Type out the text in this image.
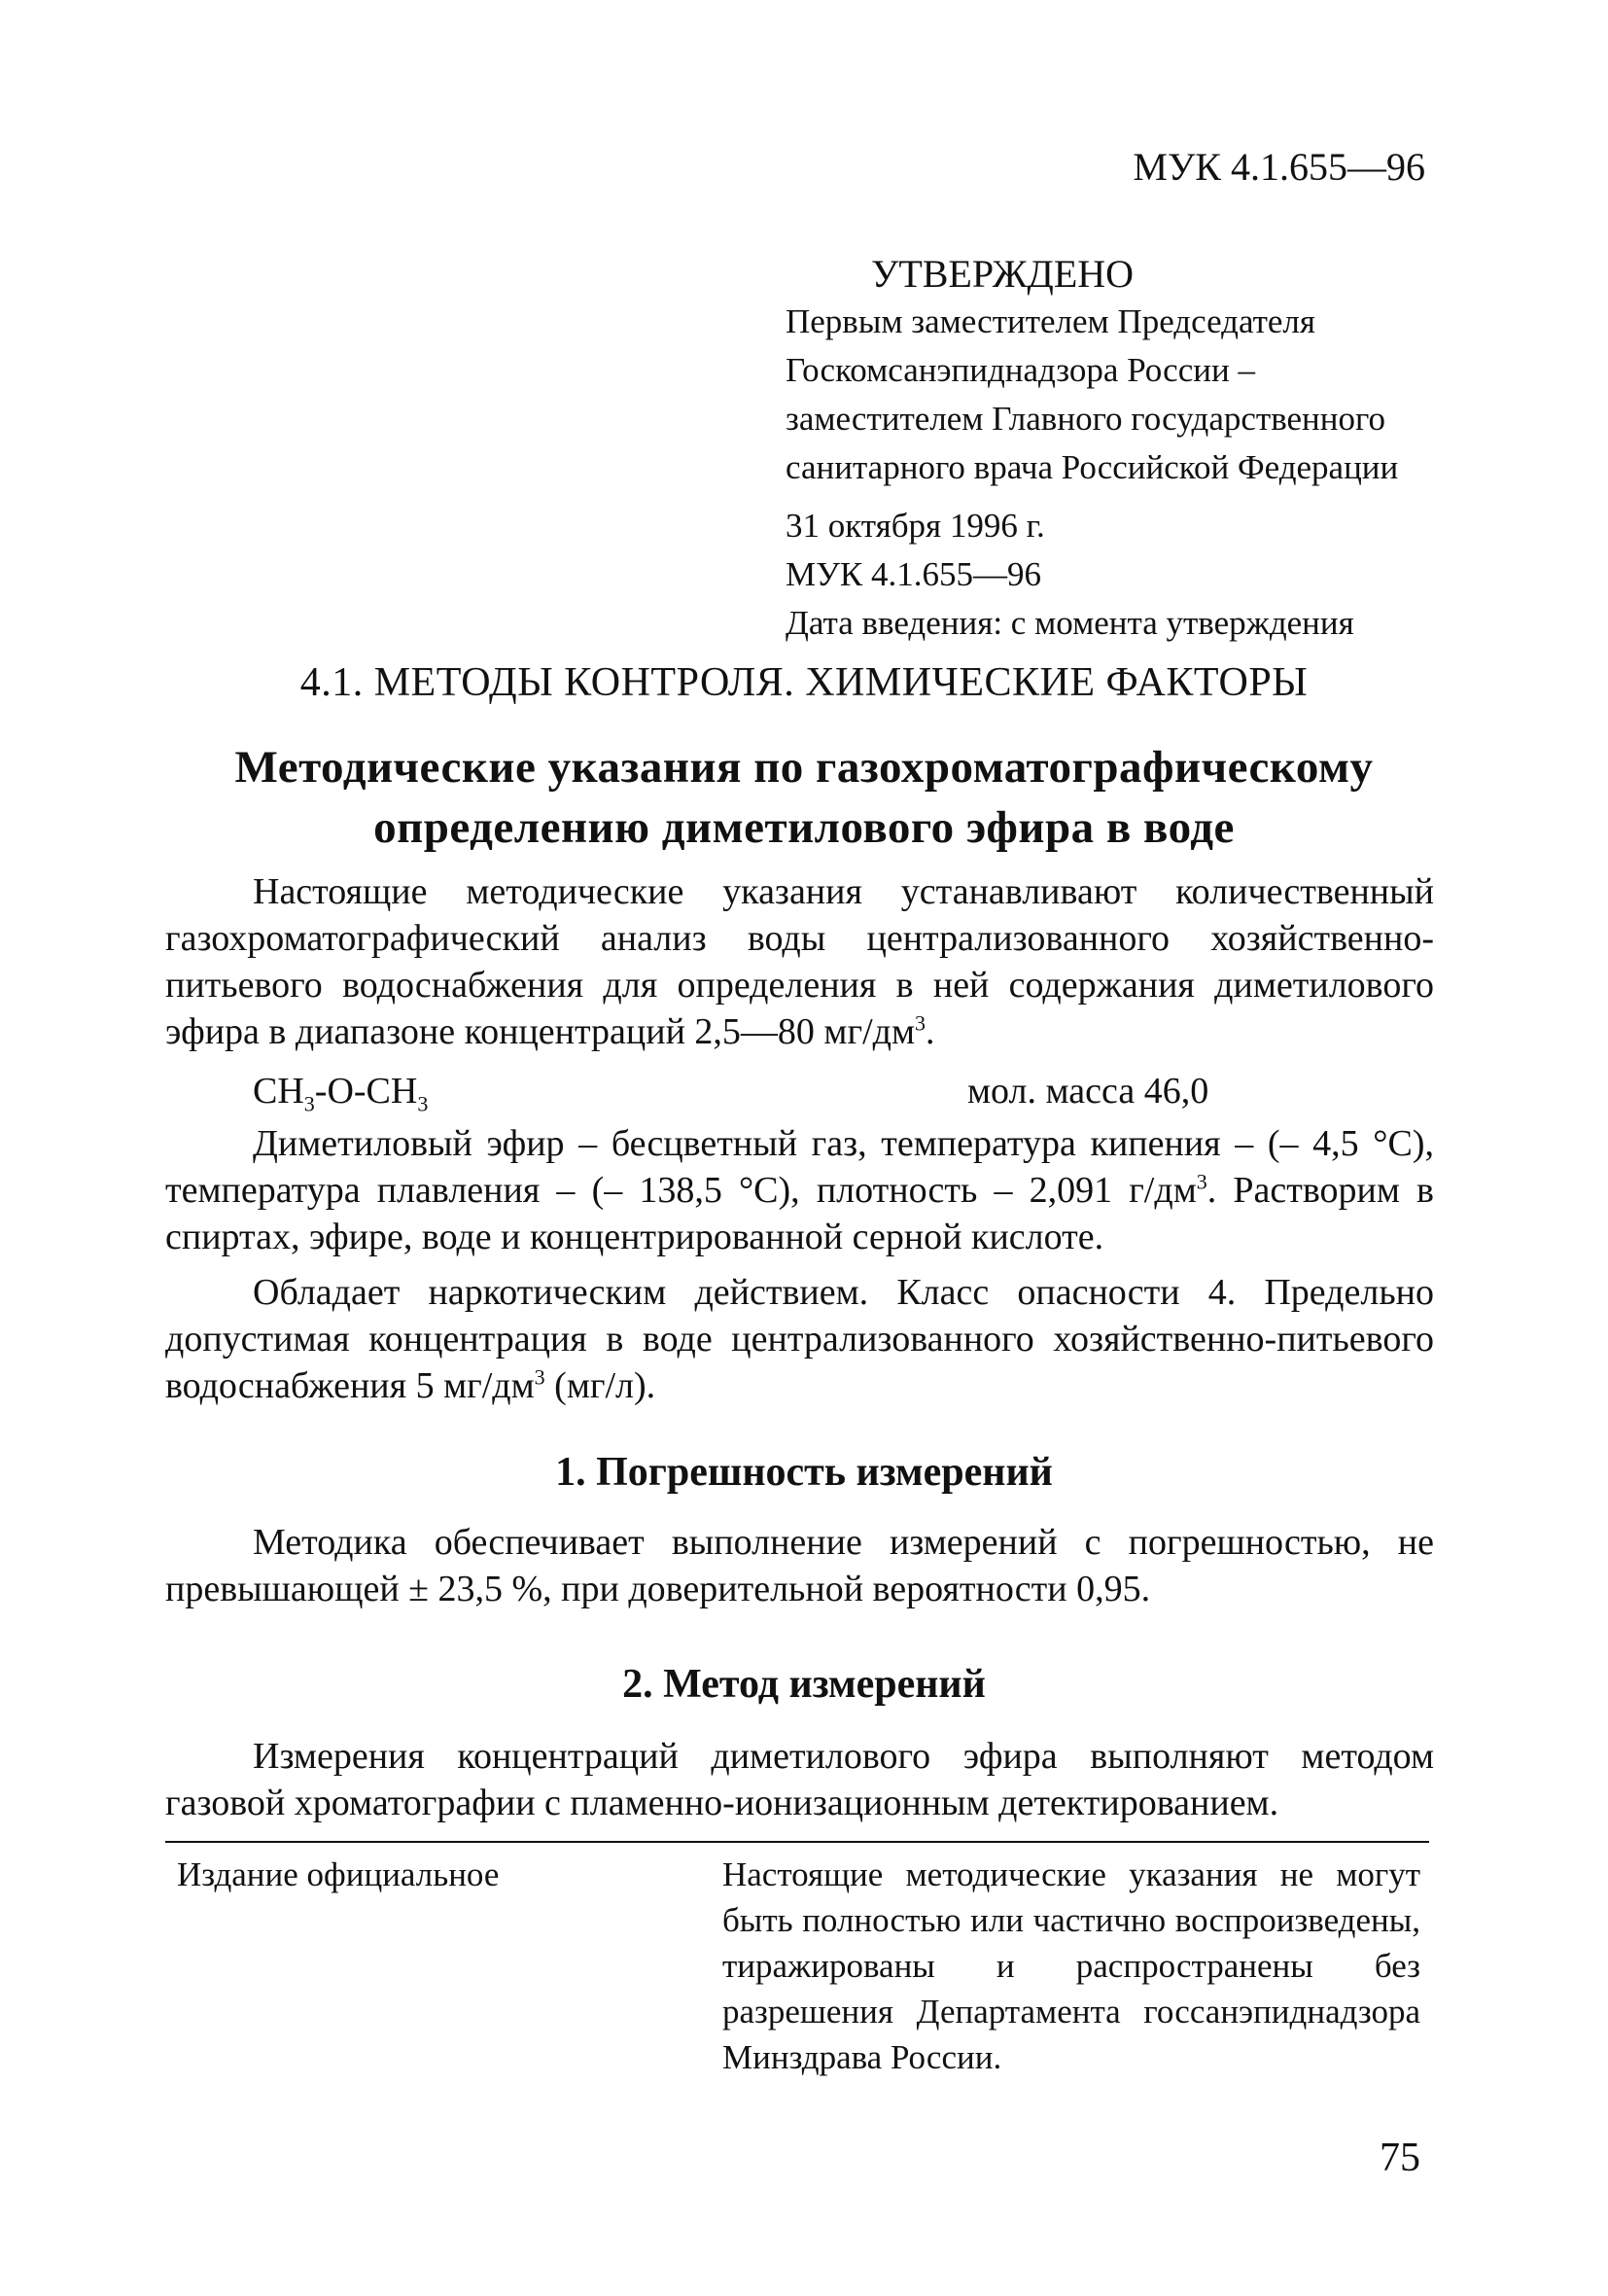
МУК 4.1.655—96
УТВЕРЖДЕНО
Первым заместителем Председателя
Госкомсанэпиднадзора России –
заместителем Главного государственного
санитарного врача Российской Федерации
31 октября 1996 г.
МУК 4.1.655—96
Дата введения: с момента утверждения
4.1. МЕТОДЫ КОНТРОЛЯ. ХИМИЧЕСКИЕ ФАКТОРЫ
Методические указания по газохроматографическому
определению диметилового эфира в воде

Настоящие методические указания устанавливают количественный газохроматографический анализ воды централизованного хозяйственно-питьевого водоснабжения для определения в ней содержания диметилового эфира в диапазоне концентраций 2,5—80 $мг/дм^3$.

$CH_3-O-CH_3$	мол. масса 46,0

Диметиловый эфир – бесцветный газ, температура кипения – (– 4,5 °C), температура плавления – (– 138,5 °C), плотность – 2,091 $г/дм^3$. Растворим в спиртах, эфире, воде и концентрированной серной кислоте.

Обладает наркотическим действием. Класс опасности 4. Предельно допустимая концентрация в воде централизованного хозяйственно-питьевого водоснабжения 5 $мг/дм^3$ (мг/л).

1. Погрешность измерений

Методика обеспечивает выполнение измерений с погрешностью, не превышающей ± 23,5 %, при доверительной вероятности 0,95.

2. Метод измерений

Измерения концентраций диметилового эфира выполняют методом газовой хроматографии с пламенно-ионизационным детектированием.

Издание официальное	Настоящие методические указания не могут быть полностью или частично воспроизведены, тиражированы и распространены без разрешения Департамента госсанэпиднадзора Минздрава России.
75
